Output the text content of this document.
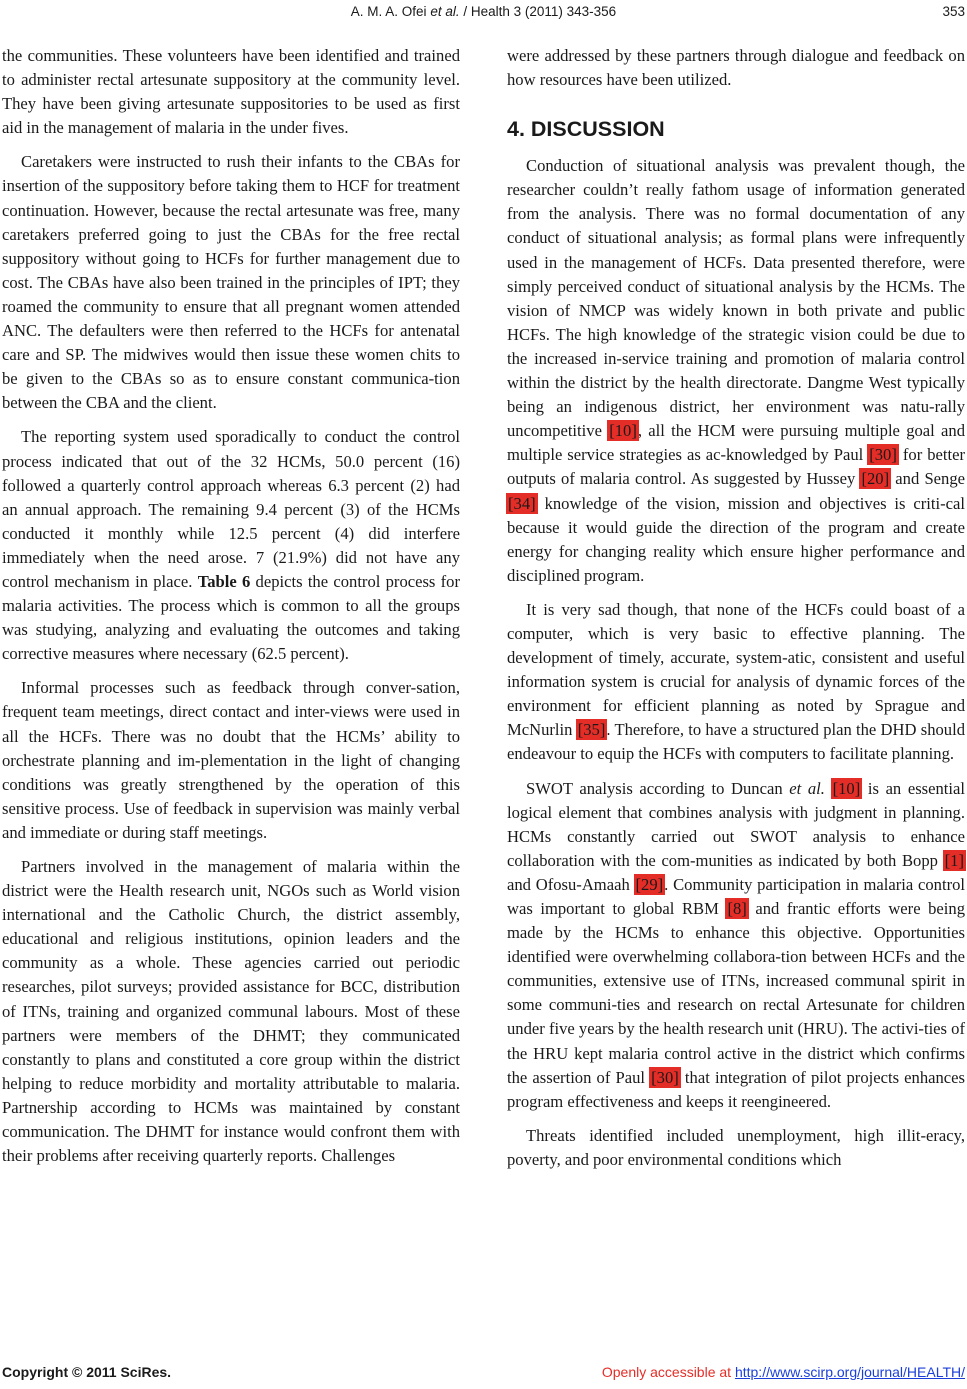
A. M. A. Ofei et al. / Health 3 (2011) 343-356	353

the communities. These volunteers have been identified and trained to administer rectal artesunate suppository at the community level. They have been giving artesunate suppositories to be used as first aid in the management of malaria in the under fives.

Caretakers were instructed to rush their infants to the CBAs for insertion of the suppository before taking them to HCF for treatment continuation. However, because the rectal artesunate was free, many caretakers preferred going to just the CBAs for the free rectal suppository without going to HCFs for further management due to cost. The CBAs have also been trained in the principles of IPT; they roamed the community to ensure that all pregnant women attended ANC. The defaulters were then referred to the HCFs for antenatal care and SP. The midwives would then issue these women chits to be given to the CBAs so as to ensure constant communica-tion between the CBA and the client.

The reporting system used sporadically to conduct the control process indicated that out of the 32 HCMs, 50.0 percent (16) followed a quarterly control approach whereas 6.3 percent (2) had an annual approach. The remaining 9.4 percent (3) of the HCMs conducted it monthly while 12.5 percent (4) did interfere immediately when the need arose. 7 (21.9%) did not have any control mechanism in place. Table 6 depicts the control process for malaria activities. The process which is common to all the groups was studying, analyzing and evaluating the outcomes and taking corrective measures where necessary (62.5 percent).

Informal processes such as feedback through conver-sation, frequent team meetings, direct contact and inter-views were used in all the HCFs. There was no doubt that the HCMs’ ability to orchestrate planning and im-plementation in the light of changing conditions was greatly strengthened by the operation of this sensitive process. Use of feedback in supervision was mainly verbal and immediate or during staff meetings.

Partners involved in the management of malaria within the district were the Health research unit, NGOs such as World vision international and the Catholic Church, the district assembly, educational and religious institutions, opinion leaders and the community as a whole. These agencies carried out periodic researches, pilot surveys; provided assistance for BCC, distribution of ITNs, training and organized communal labours. Most of these partners were members of the DHMT; they communicated constantly to plans and constituted a core group within the district helping to reduce morbidity and mortality attributable to malaria. Partnership according to HCMs was maintained by constant communication. The DHMT for instance would confront them with their problems after receiving quarterly reports. Challenges

were addressed by these partners through dialogue and feedback on how resources have been utilized.

4. DISCUSSION

Conduction of situational analysis was prevalent though, the researcher couldn’t really fathom usage of information generated from the analysis. There was no formal documentation of any conduct of situational analysis; as formal plans were infrequently used in the management of HCFs. Data presented therefore, were simply perceived conduct of situational analysis by the HCMs. The vision of NMCP was widely known in both private and public HCFs. The high knowledge of the strategic vision could be due to the increased in-service training and promotion of malaria control within the district by the health directorate. Dangme West typically being an indigenous district, her environment was natu-rally uncompetitive [10], all the HCM were pursuing multiple goal and multiple service strategies as ac-knowledged by Paul [30] for better outputs of malaria control. As suggested by Hussey [20] and Senge [34] knowledge of the vision, mission and objectives is criti-cal because it would guide the direction of the program and create energy for changing reality which ensure higher performance and disciplined program.

It is very sad though, that none of the HCFs could boast of a computer, which is very basic to effective planning. The development of timely, accurate, system-atic, consistent and useful information system is crucial for analysis of dynamic forces of the environment for efficient planning as noted by Sprague and McNurlin [35]. Therefore, to have a structured plan the DHD should endeavour to equip the HCFs with computers to facilitate planning.

SWOT analysis according to Duncan et al. [10] is an essential logical element that combines analysis with judgment in planning. HCMs constantly carried out SWOT analysis to enhance collaboration with the com-munities as indicated by both Bopp [1] and Ofosu-Amaah [29]. Community participation in malaria control was important to global RBM [8] and frantic efforts were being made by the HCMs to enhance this objective. Opportunities identified were overwhelming collabora-tion between HCFs and the communities, extensive use of ITNs, increased communal spirit in some communi-ties and research on rectal Artesunate for children under five years by the health research unit (HRU). The activi-ties of the HRU kept malaria control active in the district which confirms the assertion of Paul [30] that integration of pilot projects enhances program effectiveness and keeps it reengineered.

Threats identified included unemployment, high illit-eracy, poverty, and poor environmental conditions which

Copyright © 2011 SciRes.	Openly accessible at http://www.scirp.org/journal/HEALTH/
